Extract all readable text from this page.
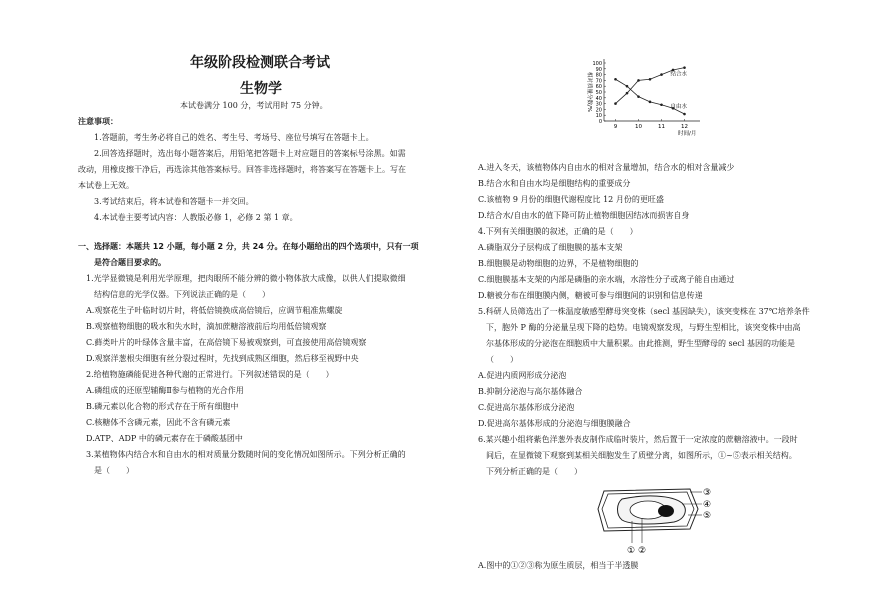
年级阶段检测联合考试
生物学
本试卷满分 100 分，考试用时 75 分钟。
注意事项：
1.答题前，考生务必将自己的姓名、考生号、考场号、座位号填写在答题卡上。
2.回答选择题时，选出每小题答案后，用铅笔把答题卡上对应题目的答案标号涂黑。如需
改动，用橡皮擦干净后，再选涂其他答案标号。回答非选择题时，将答案写在答题卡上。写在
本试卷上无效。
3.考试结束后，将本试卷和答题卡一并交回。
4.本试卷主要考试内容：人教版必修 1，必修 2 第 1 章。
一、选择题：本题共 12 小题，每小题 2 分，共 24 分。在每小题给出的四个选项中，只有一项
是符合题目要求的。
1.光学显微镜是利用光学原理，把肉眼所不能分辨的微小物体放大成像，以供人们提取微细
结构信息的光学仪器。下列说法正确的是（　　）
A.观察花生子叶临时切片时，将低倍镜换成高倍镜后，应调节粗准焦螺旋
B.观察植物细胞的吸水和失水时，滴加蔗糖溶液前后均用低倍镜观察
C.藓类叶片的叶绿体含量丰富，在高倍镜下易被观察到，可直接使用高倍镜观察
D.观察洋葱根尖细胞有丝分裂过程时，先找到成熟区细胞，然后移至视野中央
2.给植物施磷能促进各种代谢的正常进行。下列叙述错误的是（　　）
A.磷组成的还原型辅酶Ⅱ参与植物的光合作用
B.磷元素以化合物的形式存在于所有细胞中
C.核糖体不含磷元素，因此不含有磷元素
D.ATP、ADP 中的磷元素存在于磷酸基团中
3.某植物体内结合水和自由水的相对质量分数随时间的变化情况如图所示。下列分析正确的
是（　　）
0
10
20
30
40
50
60
70
80
90
100
9	10	11	12
时间/月
相对质量分数/%	结合水
自由水
A.进入冬天，该植物体内自由水的相对含量增加，结合水的相对含量减少
B.结合水和自由水均是细胞结构的重要成分
C.该植物 9 月份的细胞代谢程度比 12 月份的更旺盛
D.结合水/自由水的值下降可防止植物细胞因结冰而损害自身
4.下列有关细胞膜的叙述，正确的是（　　）
A.磷脂双分子层构成了细胞膜的基本支架
B.细胞膜是动物细胞的边界，不是植物细胞的
C.细胞膜基本支架的内部是磷脂的亲水端，水溶性分子或离子能自由通过
D.糖被分布在细胞膜内侧，糖被可参与细胞间的识别和信息传递
5.科研人员筛选出了一株温度敏感型酵母突变株（secl 基因缺失），该突变株在 37℃培养条件
下，胞外 P 酶的分泌量呈现下降的趋势。电镜观察发现，与野生型相比，该突变株中由高
尔基体形成的分泌泡在细胞质中大量积累。由此推测，野生型酵母的 secl 基因的功能是
（　　）
A.促进内质网形成分泌泡
B.抑制分泌泡与高尔基体融合
C.促进高尔基体形成分泌泡
D.促进高尔基体形成的分泌泡与细胞膜融合
6.某兴趣小组将紫色洋葱外表皮制作成临时装片，然后置于一定浓度的蔗糖溶液中。一段时
间后，在显微镜下观察到某相关细胞发生了质壁分离，如图所示，①~⑤表示相关结构。
下列分析正确的是（　　）
① ②
③
④
⑤
A.图中的①②③称为原生质层，相当于半透膜
